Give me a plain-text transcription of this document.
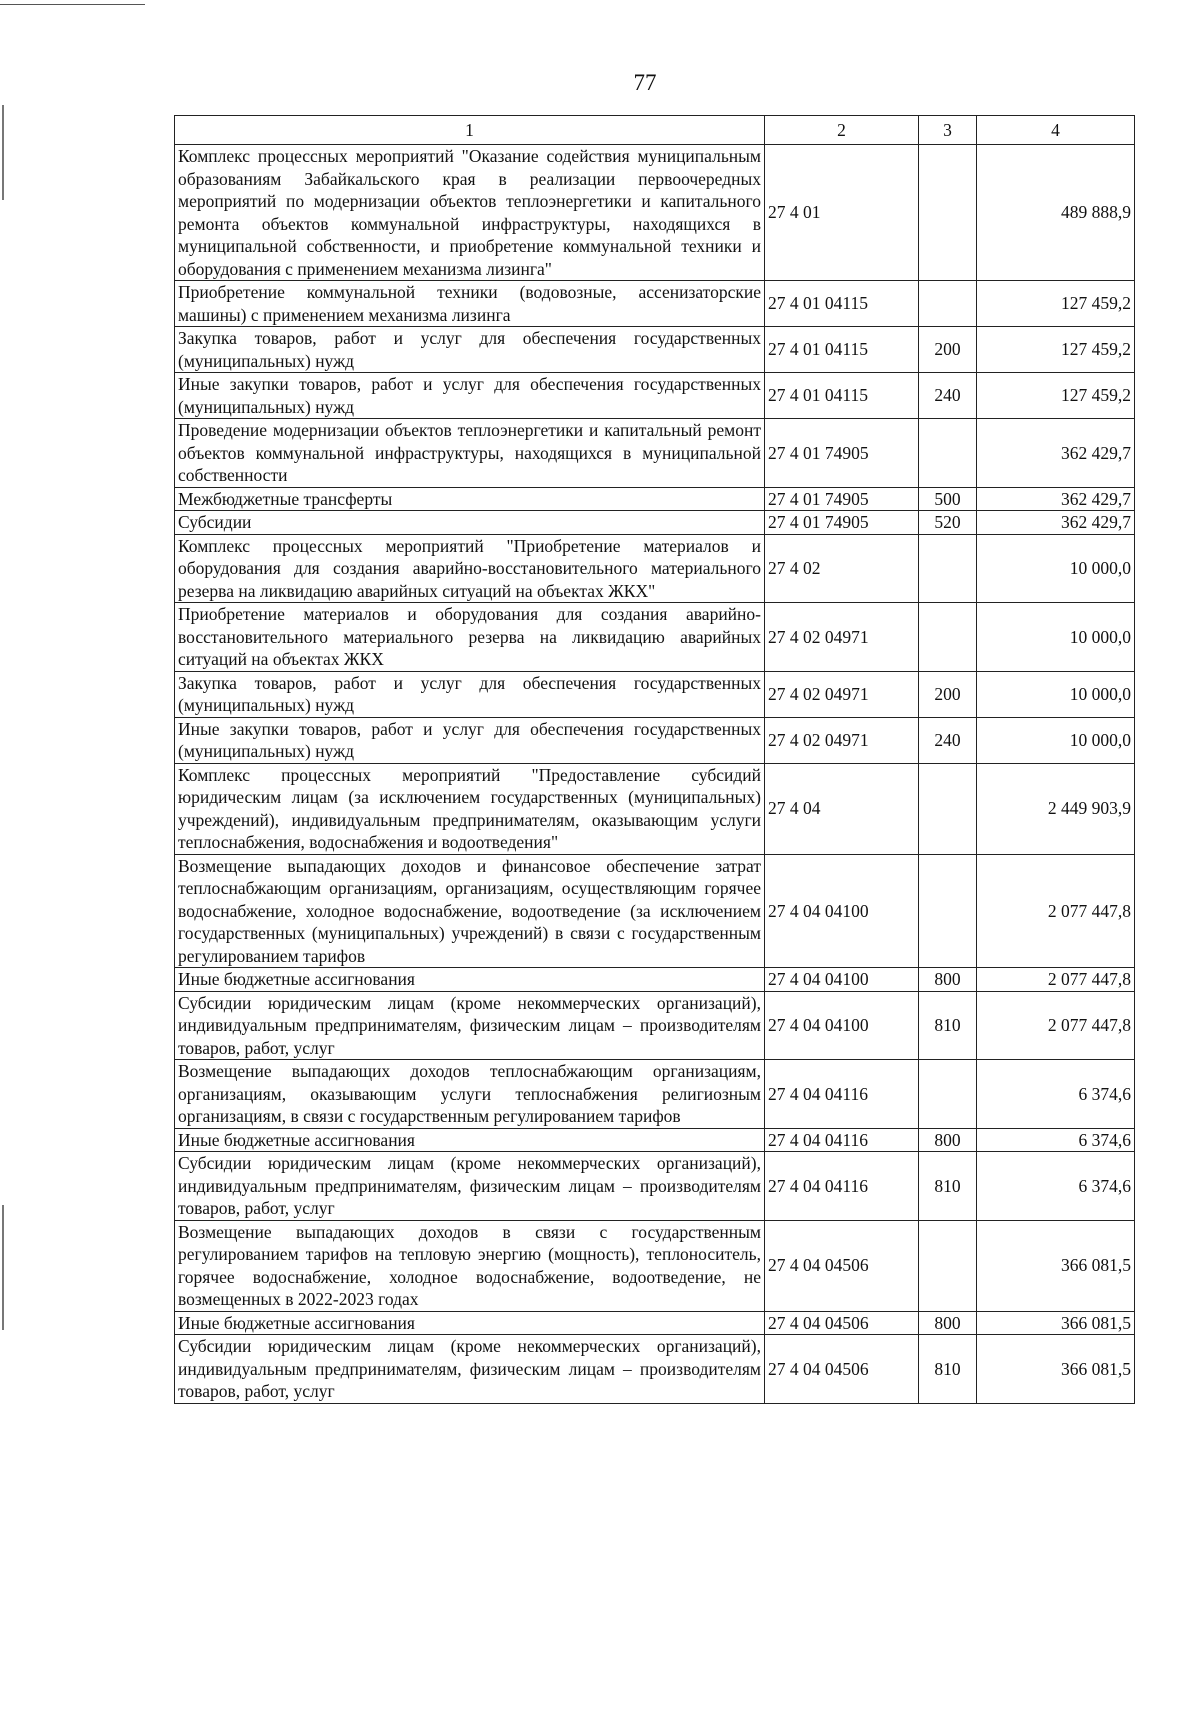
77
1	2	3	4
Комплекс процессных мероприятий "Оказание содействия муниципальным образованиям Забайкальского края в реализации первоочередных мероприятий по модернизации объектов теплоэнергетики и капитального ремонта объектов коммунальной инфраструктуры, находящихся в муниципальной собственности, и приобретение коммунальной техники и оборудования с применением механизма лизинга"	27 4 01		489 888,9
Приобретение коммунальной техники (водовозные, ассенизаторские машины) с применением механизма лизинга	27 4 01 04115		127 459,2
Закупка товаров, работ и услуг для обеспечения государственных (муниципальных) нужд	27 4 01 04115	200	127 459,2
Иные закупки товаров, работ и услуг для обеспечения государственных (муниципальных) нужд	27 4 01 04115	240	127 459,2
Проведение модернизации объектов теплоэнергетики и капитальный ремонт объектов коммунальной инфраструктуры, находящихся в муниципальной собственности	27 4 01 74905		362 429,7
Межбюджетные трансферты	27 4 01 74905	500	362 429,7
Субсидии	27 4 01 74905	520	362 429,7
Комплекс процессных мероприятий "Приобретение материалов и оборудования для создания аварийно-восстановительного материального резерва на ликвидацию аварийных ситуаций на объектах ЖКХ"	27 4 02		10 000,0
Приобретение материалов и оборудования для создания аварийно-восстановительного материального резерва на ликвидацию аварийных ситуаций на объектах ЖКХ	27 4 02 04971		10 000,0
Закупка товаров, работ и услуг для обеспечения государственных (муниципальных) нужд	27 4 02 04971	200	10 000,0
Иные закупки товаров, работ и услуг для обеспечения государственных (муниципальных) нужд	27 4 02 04971	240	10 000,0
Комплекс процессных мероприятий "Предоставление субсидий юридическим лицам (за исключением государственных (муниципальных) учреждений), индивидуальным предпринимателям, оказывающим услуги теплоснабжения, водоснабжения и водоотведения"	27 4 04		2 449 903,9
Возмещение выпадающих доходов и финансовое обеспечение затрат теплоснабжающим организациям, организациям, осуществляющим горячее водоснабжение, холодное водоснабжение, водоотведение (за исключением государственных (муниципальных) учреждений) в связи с государственным регулированием тарифов	27 4 04 04100		2 077 447,8
Иные бюджетные ассигнования	27 4 04 04100	800	2 077 447,8
Субсидии юридическим лицам (кроме некоммерческих организаций), индивидуальным предпринимателям, физическим лицам – производителям товаров, работ, услуг	27 4 04 04100	810	2 077 447,8
Возмещение выпадающих доходов теплоснабжающим организациям, организациям, оказывающим услуги теплоснабжения религиозным организациям, в связи с государственным регулированием тарифов	27 4 04 04116		6 374,6
Иные бюджетные ассигнования	27 4 04 04116	800	6 374,6
Субсидии юридическим лицам (кроме некоммерческих организаций), индивидуальным предпринимателям, физическим лицам – производителям товаров, работ, услуг	27 4 04 04116	810	6 374,6
Возмещение выпадающих доходов в связи с государственным регулированием тарифов на тепловую энергию (мощность), теплоноситель, горячее водоснабжение, холодное водоснабжение, водоотведение, не возмещенных в 2022-2023 годах	27 4 04 04506		366 081,5
Иные бюджетные ассигнования	27 4 04 04506	800	366 081,5
Субсидии юридическим лицам (кроме некоммерческих организаций), индивидуальным предпринимателям, физическим лицам – производителям товаров, работ, услуг	27 4 04 04506	810	366 081,5
